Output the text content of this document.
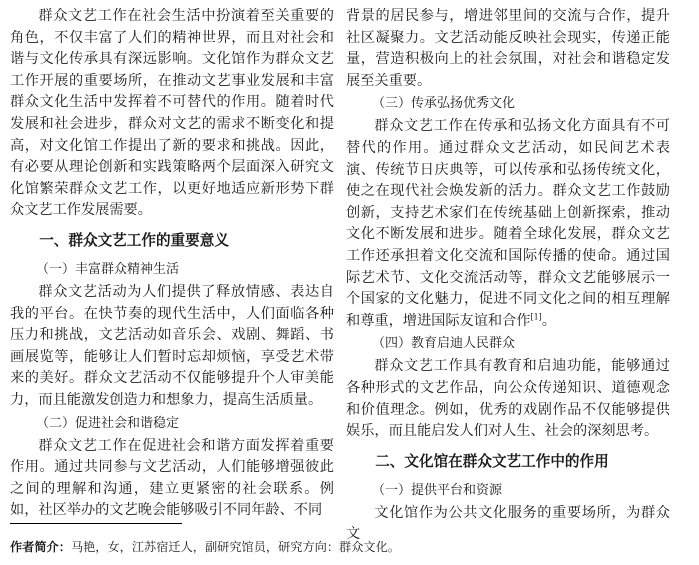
群众文艺工作在社会生活中扮演着至关重要的角色，不仅丰富了人们的精神世界，而且对社会和谐与文化传承具有深远影响。文化馆作为群众文艺工作开展的重要场所，在推动文艺事业发展和丰富群众文化生活中发挥着不可替代的作用。随着时代发展和社会进步，群众对文艺的需求不断变化和提高，对文化馆工作提出了新的要求和挑战。因此，有必要从理论创新和实践策略两个层面深入研究文化馆繁荣群众文艺工作，以更好地适应新形势下群众文艺工作发展需要。

一、群众文艺工作的重要意义

（一）丰富群众精神生活

群众文艺活动为人们提供了释放情感、表达自我的平台。在快节奏的现代生活中，人们面临各种压力和挑战，文艺活动如音乐会、戏剧、舞蹈、书画展览等，能够让人们暂时忘却烦恼，享受艺术带来的美好。群众文艺活动不仅能够提升个人审美能力，而且能激发创造力和想象力，提高生活质量。

（二）促进社会和谐稳定

群众文艺工作在促进社会和谐方面发挥着重要作用。通过共同参与文艺活动，人们能够增强彼此之间的理解和沟通，建立更紧密的社会联系。例如，社区举办的文艺晚会能够吸引不同年龄、不同

背景的居民参与，增进邻里间的交流与合作，提升社区凝聚力。文艺活动能反映社会现实，传递正能量，营造积极向上的社会氛围，对社会和谐稳定发展至关重要。

（三）传承弘扬优秀文化

群众文艺工作在传承和弘扬文化方面具有不可替代的作用。通过群众文艺活动，如民间艺术表演、传统节日庆典等，可以传承和弘扬传统文化，使之在现代社会焕发新的活力。群众文艺工作鼓励创新，支持艺术家们在传统基础上创新探索，推动文化不断发展和进步。随着全球化发展，群众文艺工作还承担着文化交流和国际传播的使命。通过国际艺术节、文化交流活动等，群众文艺能够展示一个国家的文化魅力，促进不同文化之间的相互理解和尊重，增进国际友谊和合作[1]。

（四）教育启迪人民群众

群众文艺工作具有教育和启迪功能，能够通过各种形式的文艺作品，向公众传递知识、道德观念和价值理念。例如，优秀的戏剧作品不仅能够提供娱乐，而且能启发人们对人生、社会的深刻思考。

二、文化馆在群众文艺工作中的作用

（一）提供平台和资源

文化馆作为公共文化服务的重要场所，为群众文

作者简介：马艳，女，江苏宿迁人，副研究馆员，研究方向：群众文化。
